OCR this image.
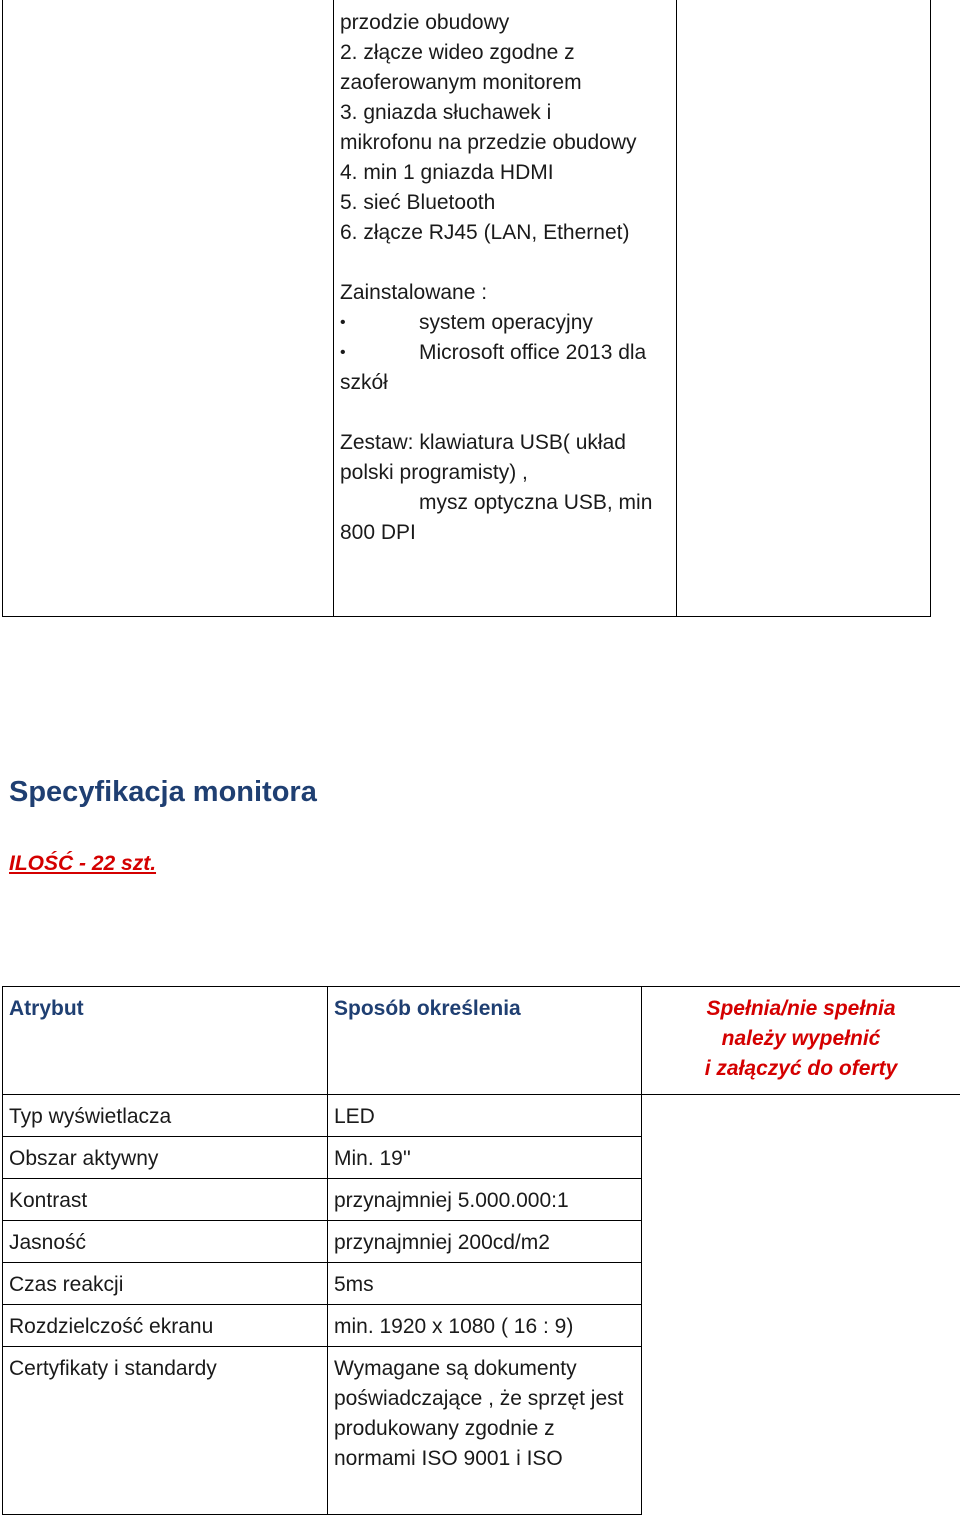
przodzie obudowy
2. złącze wideo zgodne z
zaoferowanym monitorem
3. gniazda słuchawek i
mikrofonu na przedzie obudowy
4. min 1 gniazda HDMI
5. sieć Bluetooth
6. złącze RJ45 (LAN, Ethernet)
Zainstalowane :
•	system operacyjny
•	Microsoft office 2013 dla
szkół
Zestaw: klawiatura USB( układ
polski programisty) ,
mysz optyczna USB, min
800 DPI
Specyfikacja monitora
ILOŚĆ - 22 szt.
Atrybut	Sposób określenia	Spełnia/nie spełnia
należy wypełnić
i załączyć do oferty

Typ wyświetlacza	LED	
Obszar aktywny	Min. 19''	
Kontrast	przynajmniej 5.000.000:1	
Jasność	przynajmniej 200cd/m2	
Czas reakcji	5ms	
Rozdzielczość ekranu	min. 1920 x 1080 ( 16 : 9)	
Certyfikaty i standardy	Wymagane są dokumenty
poświadczające , że sprzęt jest
produkowany zgodnie z
normami ISO 9001 i ISO	
